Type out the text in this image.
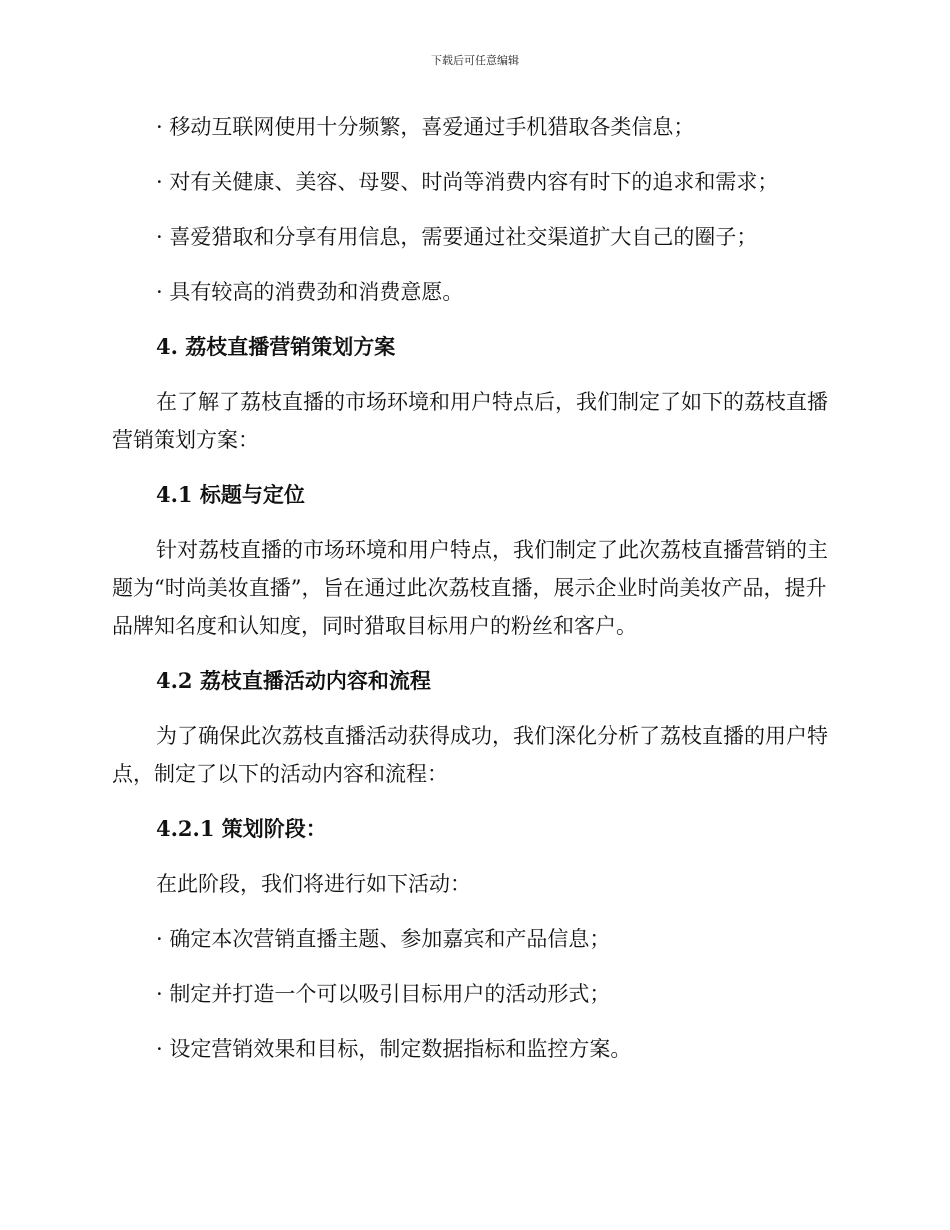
下载后可任意编辑

· 移动互联网使用十分频繁，喜爱通过手机猎取各类信息；

· 对有关健康、美容、母婴、时尚等消费内容有时下的追求和需求；

· 喜爱猎取和分享有用信息，需要通过社交渠道扩大自己的圈子；

· 具有较高的消费劲和消费意愿。

4. 荔枝直播营销策划方案

在了解了荔枝直播的市场环境和用户特点后，我们制定了如下的荔枝直播营销策划方案：

4.1 标题与定位

针对荔枝直播的市场环境和用户特点，我们制定了此次荔枝直播营销的主题为“时尚美妆直播”，旨在通过此次荔枝直播，展示企业时尚美妆产品，提升品牌知名度和认知度，同时猎取目标用户的粉丝和客户。

4.2 荔枝直播活动内容和流程

为了确保此次荔枝直播活动获得成功，我们深化分析了荔枝直播的用户特点，制定了以下的活动内容和流程：

4.2.1 策划阶段：

在此阶段，我们将进行如下活动：

· 确定本次营销直播主题、参加嘉宾和产品信息；

· 制定并打造一个可以吸引目标用户的活动形式；

· 设定营销效果和目标，制定数据指标和监控方案。
